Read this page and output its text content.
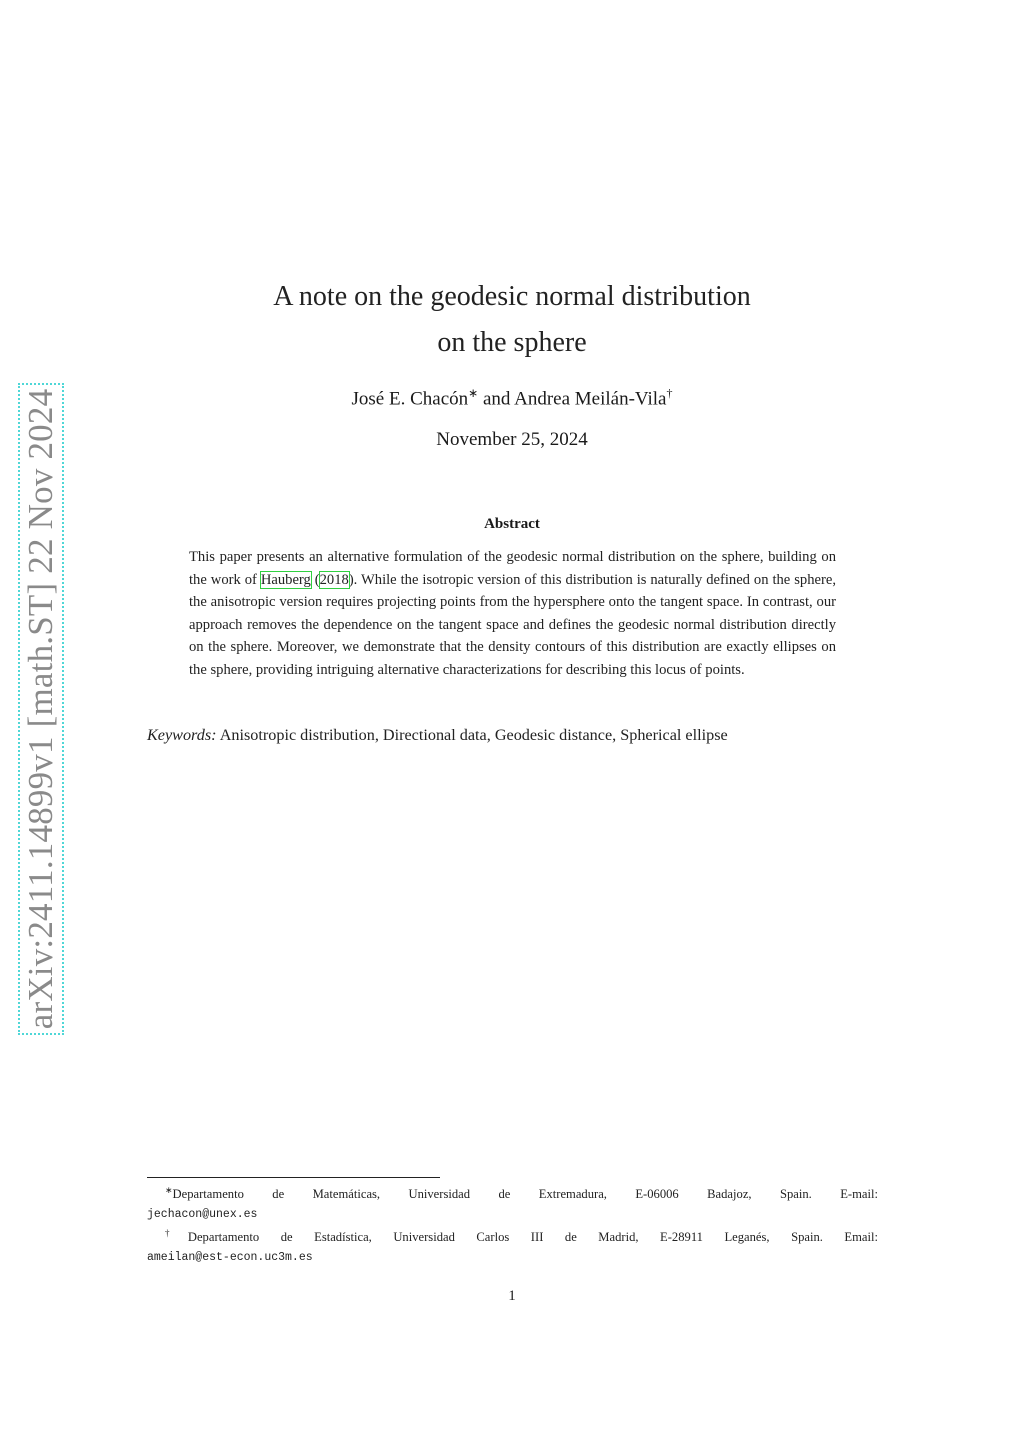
arXiv:2411.14899v1 [math.ST] 22 Nov 2024
A note on the geodesic normal distribution
on the sphere
José E. Chacón∗ and Andrea Meilán-Vila†
November 25, 2024
Abstract
This paper presents an alternative formulation of the geodesic normal distribution on the sphere, building on the work of Hauberg (2018). While the isotropic version of this distribution is naturally defined on the sphere, the anisotropic version requires projecting points from the hypersphere onto the tangent space. In contrast, our approach removes the dependence on the tangent space and defines the geodesic normal distribution directly on the sphere. Moreover, we demonstrate that the density contours of this distribution are exactly ellipses on the sphere, providing intriguing alternative characterizations for describing this locus of points.
Keywords: Anisotropic distribution, Directional data, Geodesic distance, Spherical ellipse
∗Departamento de Matemáticas, Universidad de Extremadura, E-06006 Badajoz, Spain. E-mail:
jechacon@unex.es
†Departamento de Estadística, Universidad Carlos III de Madrid, E-28911 Leganés, Spain. Email:
ameilan@est-econ.uc3m.es
1
